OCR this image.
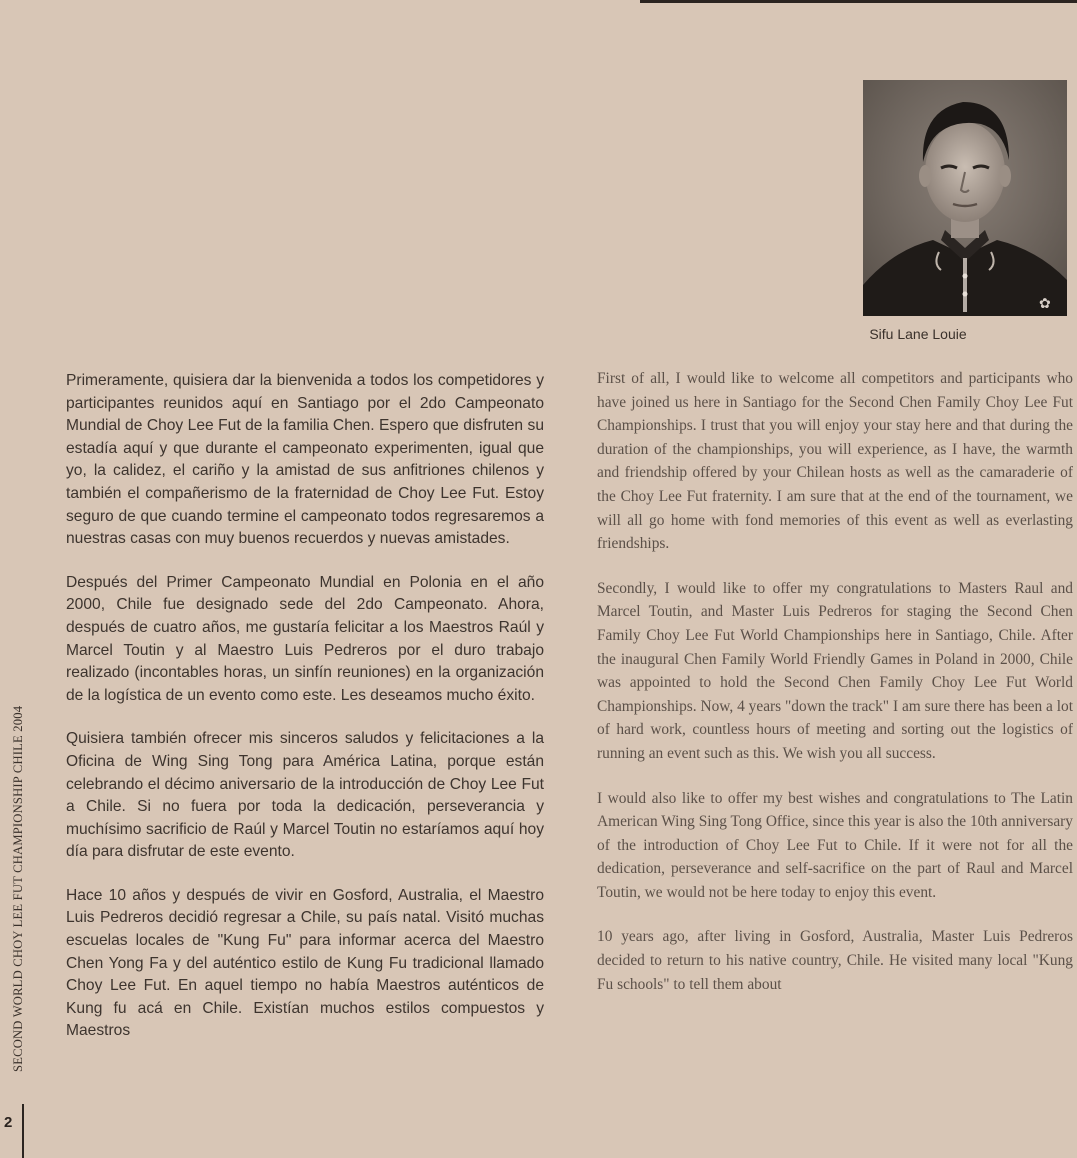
✿
Sifu Lane Louie

Primeramente, quisiera dar la bienvenida a todos los competidores y participantes reunidos aquí en Santiago por el 2do Campeonato Mundial de Choy Lee Fut de la familia Chen. Espero que disfruten su estadía aquí y que durante el campeonato experimenten, igual que yo, la calidez, el cariño y la amistad de sus anfitriones chilenos y también el compañerismo de la fraternidad de Choy Lee Fut. Estoy seguro de que cuando termine el campeonato todos regresaremos a nuestras casas con muy buenos recuerdos y nuevas amistades.

Después del Primer Campeonato Mundial en Polonia en el año 2000, Chile fue designado sede del 2do Campeonato. Ahora, después de cuatro años, me gustaría felicitar a los Maestros Raúl y Marcel Toutin y al Maestro Luis Pedreros por el duro trabajo realizado (incontables horas, un sinfín reuniones) en la organización de la logística de un evento como este. Les deseamos mucho éxito.

Quisiera también ofrecer mis sinceros saludos y felicitaciones a la Oficina de Wing Sing Tong para América Latina, porque están celebrando el décimo aniversario de la introducción de Choy Lee Fut a Chile. Si no fuera por toda la dedicación, perseverancia y muchísimo sacrificio de Raúl y Marcel Toutin no estaríamos aquí hoy día para disfrutar de este evento.

Hace 10 años y después de vivir en Gosford, Australia, el Maestro Luis Pedreros decidió regresar a Chile, su país natal. Visitó muchas escuelas locales de "Kung Fu" para informar acerca del Maestro Chen Yong Fa y del auténtico estilo de Kung Fu tradicional llamado Choy Lee Fut. En aquel tiempo no había Maestros auténticos de Kung fu acá en Chile. Existían muchos estilos compuestos y Maestros

First of all, I would like to welcome all competitors and participants who have joined us here in Santiago for the Second Chen Family Choy Lee Fut Championships. I trust that you will enjoy your stay here and that during the duration of the championships, you will experience, as I have, the warmth and friendship offered by your Chilean hosts as well as the camaraderie of the Choy Lee Fut fraternity. I am sure that at the end of the tournament, we will all go home with fond memories of this event as well as everlasting friendships.

Secondly, I would like to offer my congratulations to Masters Raul and Marcel Toutin, and Master Luis Pedreros for staging the Second Chen Family Choy Lee Fut World Championships here in Santiago, Chile. After the inaugural Chen Family World Friendly Games in Poland in 2000, Chile was appointed to hold the Second Chen Family Choy Lee Fut World Championships. Now, 4 years "down the track" I am sure there has been a lot of hard work, countless hours of meeting and sorting out the logistics of running an event such as this. We wish you all success.

I would also like to offer my best wishes and congratulations to The Latin American Wing Sing Tong Office, since this year is also the 10th anniversary of the introduction of Choy Lee Fut to Chile. If it were not for all the dedication, perseverance and self-sacrifice on the part of Raul and Marcel Toutin, we would not be here today to enjoy this event.

10 years ago, after living in Gosford, Australia, Master Luis Pedreros decided to return to his native country, Chile. He visited many local "Kung Fu schools" to tell them about

SECOND WORLD CHOY LEE FUT CHAMPIONSHIP CHILE 2004
2
